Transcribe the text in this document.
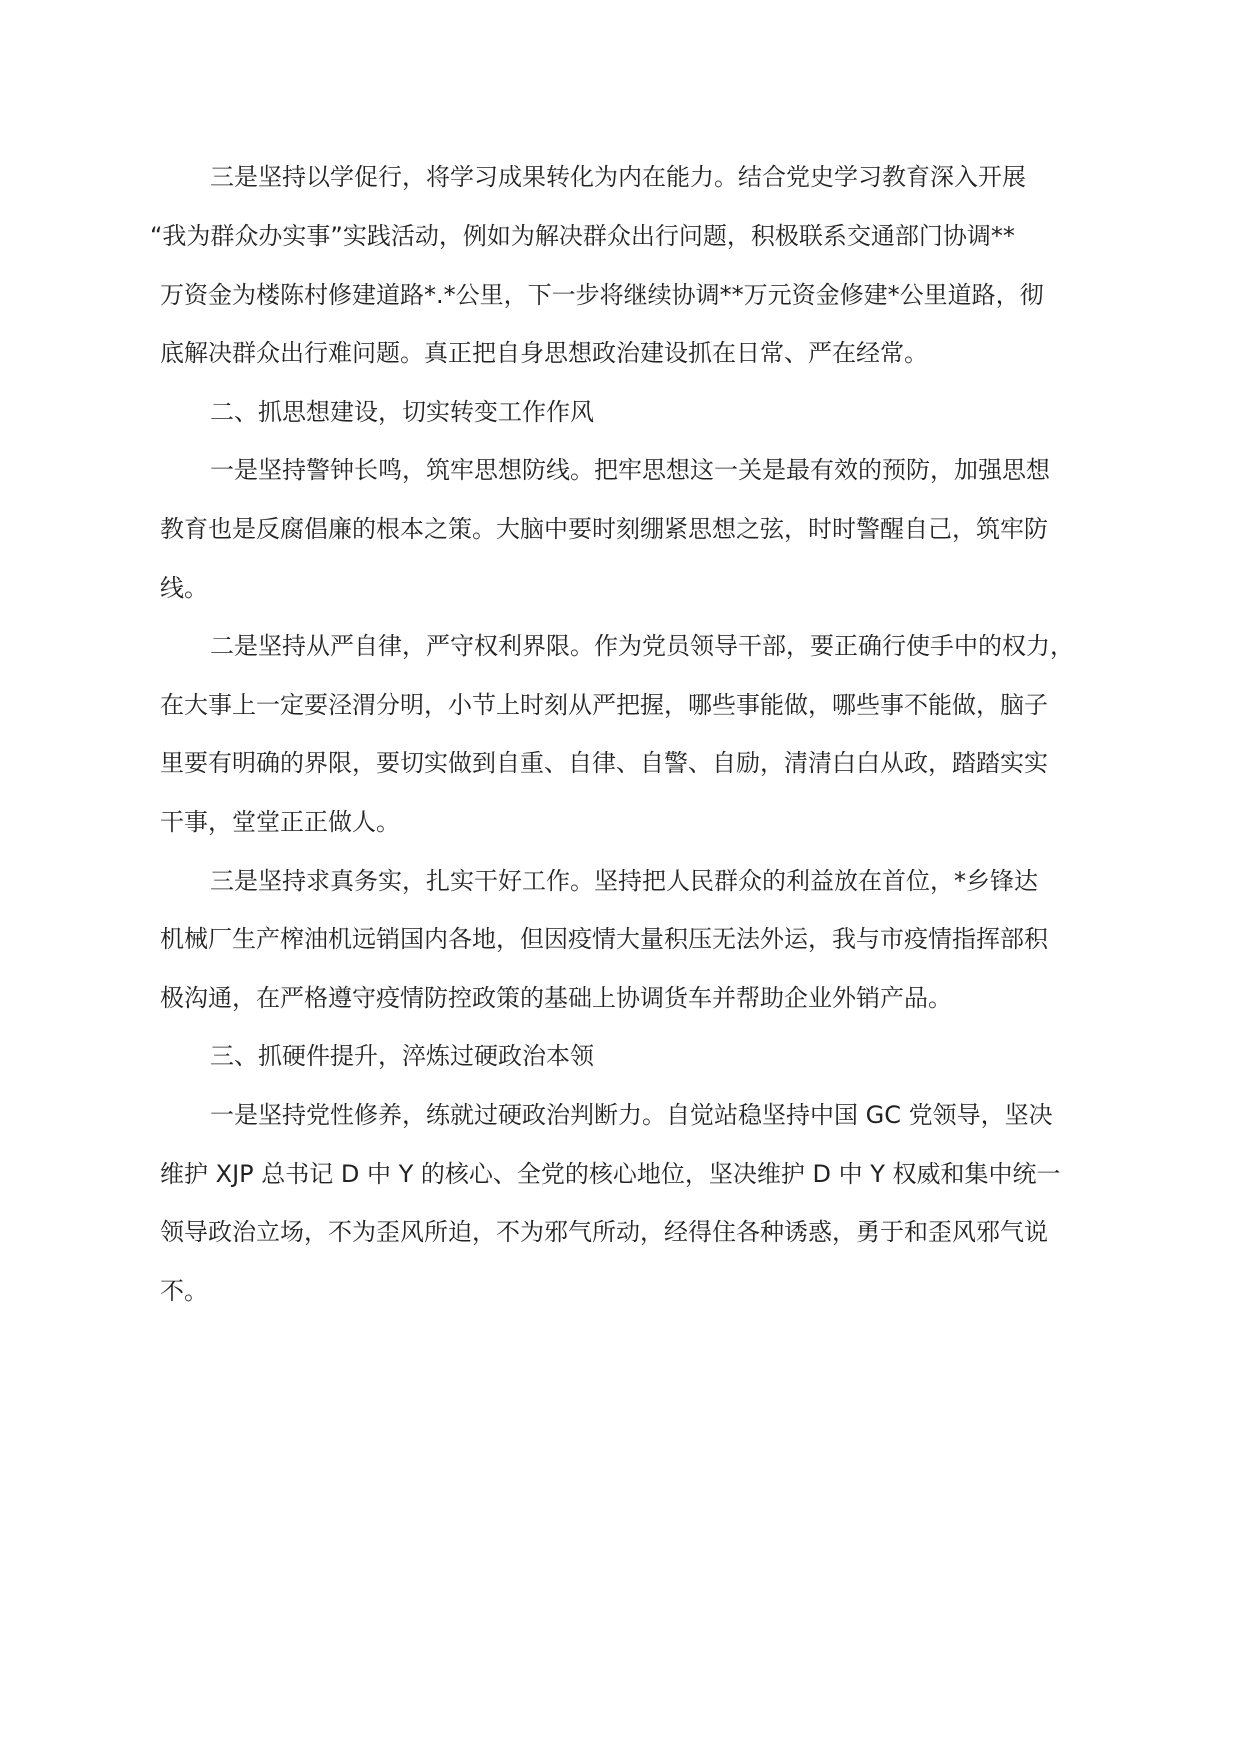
三是坚持以学促行，将学习成果转化为内在能力。结合党史学习教育深入开展

“我为群众办实事”实践活动，例如为解决群众出行问题，积极联系交通部门协调**

万资金为楼陈村修建道路*.*公里，下一步将继续协调**万元资金修建*公里道路，彻

底解决群众出行难问题。真正把自身思想政治建设抓在日常、严在经常。

二、抓思想建设，切实转变工作作风

一是坚持警钟长鸣，筑牢思想防线。把牢思想这一关是最有效的预防，加强思想

教育也是反腐倡廉的根本之策。大脑中要时刻绷紧思想之弦，时时警醒自己，筑牢防

线。

二是坚持从严自律，严守权利界限。作为党员领导干部，要正确行使手中的权力，

在大事上一定要泾渭分明，小节上时刻从严把握，哪些事能做，哪些事不能做，脑子

里要有明确的界限，要切实做到自重、自律、自警、自励，清清白白从政，踏踏实实

干事，堂堂正正做人。

三是坚持求真务实，扎实干好工作。坚持把人民群众的利益放在首位，*乡锋达

机械厂生产榨油机远销国内各地，但因疫情大量积压无法外运，我与市疫情指挥部积

极沟通，在严格遵守疫情防控政策的基础上协调货车并帮助企业外销产品。

三、抓硬件提升，淬炼过硬政治本领

一是坚持党性修养，练就过硬政治判断力。自觉站稳坚持中国 GC 党领导，坚决

维护 XJP 总书记 D 中 Y 的核心、全党的核心地位，坚决维护 D 中 Y 权威和集中统一

领导政治立场，不为歪风所迫，不为邪气所动，经得住各种诱惑，勇于和歪风邪气说

不。
